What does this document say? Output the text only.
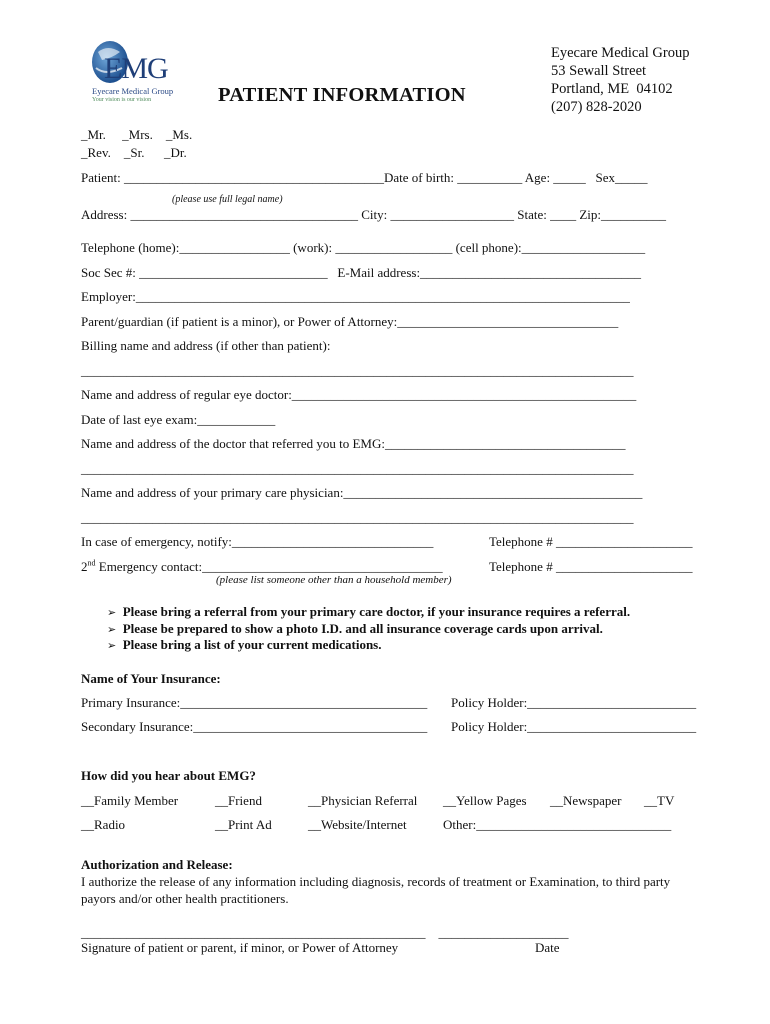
EMG
Eyecare Medical Group
Your vision is our vision	PATIENT INFORMATION
Eyecare Medical Group
53 Sewall Street
Portland, ME  04102
(207) 828-2020
_Mr.     _Mrs.    _Ms.
_Rev.    _Sr.      _Dr.
Patient: ________________________________________Date of birth: __________ Age: _____   Sex_____
(please use full legal name)
Address: ___________________________________ City: ___________________ State: ____ Zip:__________
Telephone (home):_________________ (work): __________________ (cell phone):___________________
Soc Sec #: _____________________________   E-Mail address:__________________________________
Employer:____________________________________________________________________________
Parent/guardian (if patient is a minor), or Power of Attorney:__________________________________
Billing name and address (if other than patient):
_____________________________________________________________________________________
Name and address of regular eye doctor:_____________________________________________________
Date of last eye exam:____________
Name and address of the doctor that referred you to EMG:_____________________________________
_____________________________________________________________________________________
Name and address of your primary care physician:______________________________________________
_____________________________________________________________________________________
In case of emergency, notify:_______________________________	Telephone # _____________________
2nd Emergency contact:_____________________________________	Telephone # _____________________
(please list someone other than a household member)
➢ Please bring a referral from your primary care doctor, if your insurance requires a referral.
➢ Please be prepared to show a photo I.D. and all insurance coverage cards upon arrival.
➢ Please bring a list of your current medications.
Name of Your Insurance:
Primary Insurance:______________________________________ Policy Holder:__________________________
Secondary Insurance:____________________________________ Policy Holder:__________________________
How did you hear about EMG?
__Family Member	__Friend	__Physician Referral __Yellow Pages __Newspaper __TV
__Radio	__Print Ad	__Website/Internet	Other:______________________________
Authorization and Release:
I authorize the release of any information including diagnosis, records of treatment or Examination, to third party
payors and/or other health practitioners.
_____________________________________________________    ____________________
Signature of patient or parent, if minor, or Power of Attorney	Date
